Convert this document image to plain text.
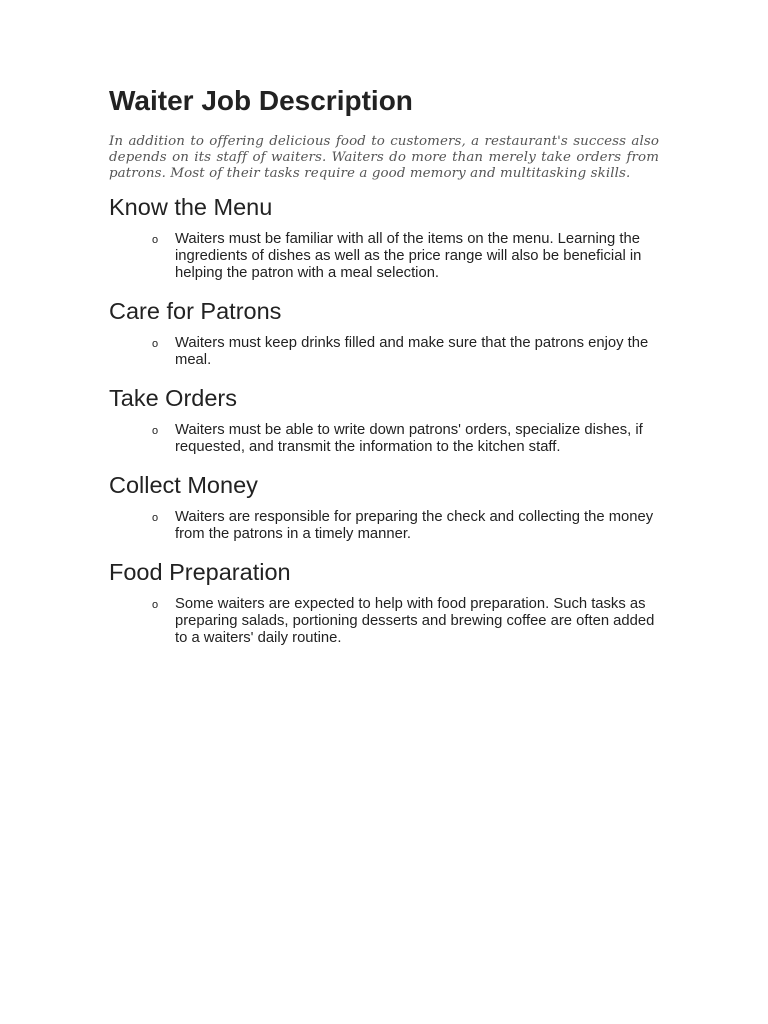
Waiter Job Description

In addition to offering delicious food to customers, a restaurant's success also depends on its staff of waiters. Waiters do more than merely take orders from patrons. Most of their tasks require a good memory and multitasking skills.

Know the Menu
o Waiters must be familiar with all of the items on the menu. Learning the ingredients of dishes as well as the price range will also be beneficial in helping the patron with a meal selection.
Care for Patrons
o Waiters must keep drinks filled and make sure that the patrons enjoy the meal.
Take Orders
o Waiters must be able to write down patrons' orders, specialize dishes, if requested, and transmit the information to the kitchen staff.
Collect Money
o Waiters are responsible for preparing the check and collecting the money from the patrons in a timely manner.
Food Preparation
o Some waiters are expected to help with food preparation. Such tasks as preparing salads, portioning desserts and brewing coffee are often added to a waiters' daily routine.
